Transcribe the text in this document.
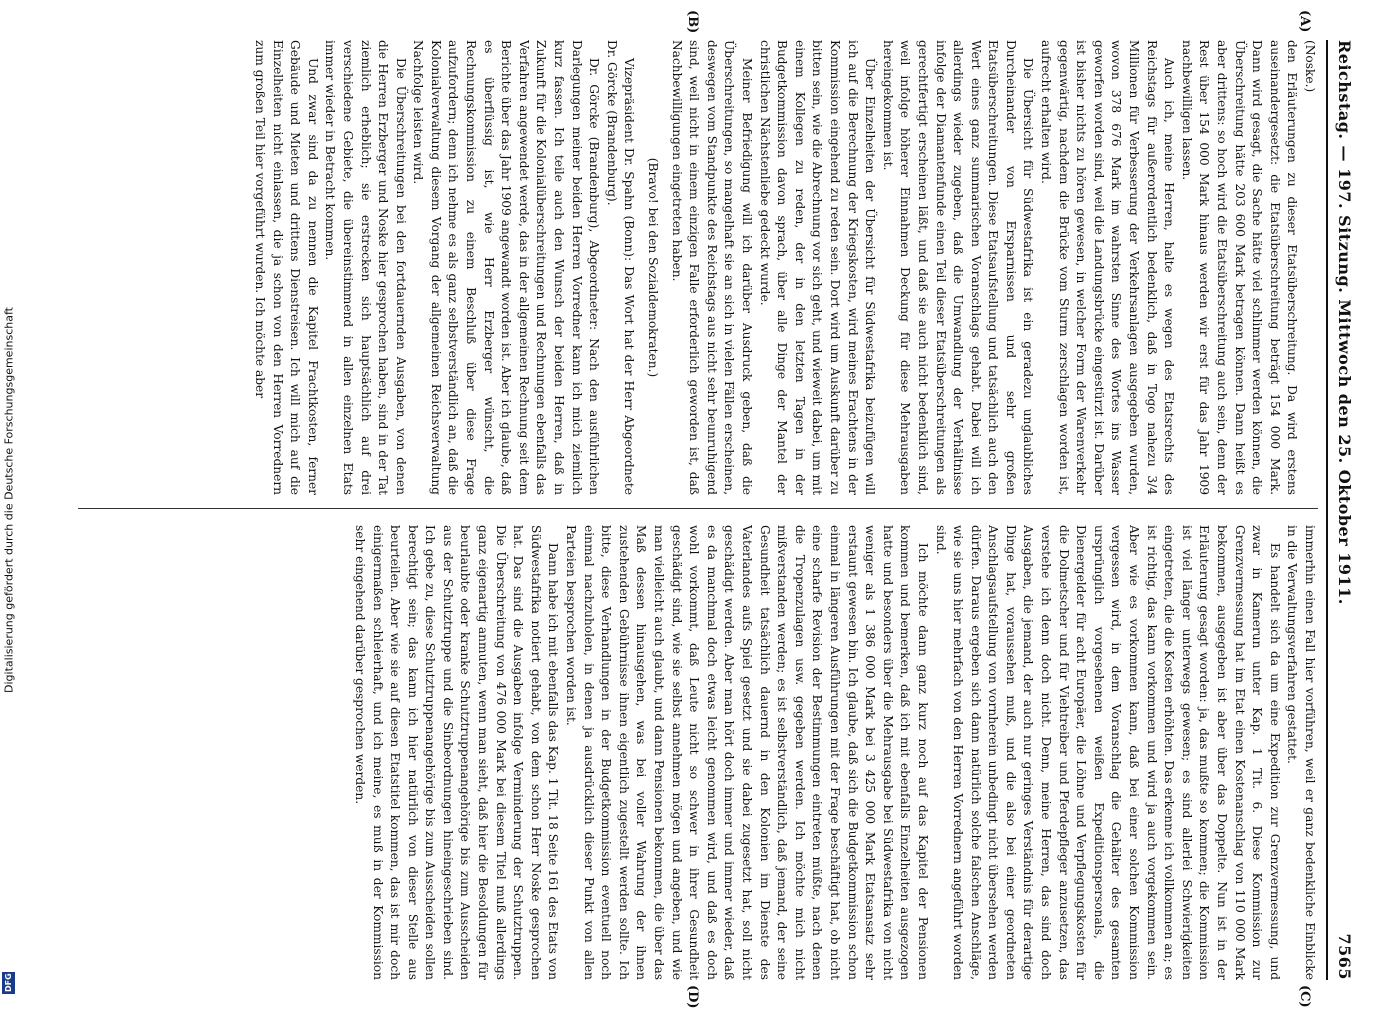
Digitalisierung gefördert durch die Deutsche Forschungsgemeinschaft
DFG
Reichstag. — 197. Sitzung. Mittwoch den 25. Oktober 1911.
7565

(Noske.)

den Erläuterungen zu dieser Etatsüberschreitung. Da wird erstens auseinandergesetzt: die Etatsüberschreitung beträgt 154 000 Mark. Dann wird gesagt, die Sache hätte viel schlimmer werden können, die Überschreitung hätte 203 600 Mark betragen können. Dann heißt es aber drittens: so hoch wird die Etatsüberschreitung auch sein, denn der Rest über 154 000 Mark hinaus werden wir erst für das Jahr 1909 nachbewilligen lassen.

Auch ich, meine Herren, halte es wegen des Etatsrechts des Reichstags für außerordentlich bedenklich, daß in Togo nahezu 3/4 Millionen für Verbesserung der Verkehrsanlagen ausgegeben wurden, wovon 378 676 Mark im wahrsten Sinne des Wortes ins Wasser geworfen worden sind, weil die Landungsbrücke eingestürzt ist. Darüber ist bisher nichts zu hören gewesen, in welcher Form der Warenverkehr gegenwärtig, nachdem die Brücke vom Sturm zerschlagen worden ist, aufrecht erhalten wird.

Die Übersicht für Südwestafrika ist ein geradezu unglaubliches Durcheinander von Ersparnissen und sehr großen Etatsüberschreitungen. Diese Etatsaufstellung und tatsächlich auch den Wert eines ganz summarischen Voranschlags gehabt. Dabei will ich allerdings wieder zugeben, daß die Umwandlung der Verhältnisse infolge der Diamantenfunde einen Teil dieser Etatsüberschreitungen als gerechtfertigt erscheinen läßt, und daß sie auch nicht bedenklich sind, weil infolge höherer Einnahmen Deckung für diese Mehrausgaben hereingekommen ist.

Über Einzelheiten der Übersicht für Südwestafrika beizufügen will ich auf die Berechnung der Kriegskosten, wird meines Erachtens in der Kommission eingehend zu reden sein. Dort wird um Auskunft darüber zu bitten sein, wie die Abrechnung vor sich geht, und wieweit dabei, um mit einem Kollegen zu reden, der in den letzten Tagen in der Budgetkommission davon sprach, über alle Dinge der Mantel der christlichen Nächstenliebe gedeckt wurde.

Meiner Befriedigung will ich darüber Ausdruck geben, daß die Überschreitungen, so mangelhaft sie an sich in vielen Fällen erscheinen, deswegen vom Standpunkte des Reichstags aus nicht sehr beunruhigend sind, weil nicht in einem einzigen Falle erforderlich geworden ist, daß Nachbewilligungen eingetreten haben.

(Bravo! bei den Sozialdemokraten.)

Vizepräsident Dr. Spahn (Bonn): Das Wort hat der Herr Abgeordnete Dr. Görcke (Brandenburg).

Dr. Görcke (Brandenburg), Abgeordneter: Nach den ausführlichen Darlegungen meiner beiden Herren Vorredner kann ich mich ziemlich kurz fassen. Ich teile auch den Wunsch der beiden Herren, daß in Zukunft für die Kolonialüberschreitungen und Rechnungen ebenfalls das Verfahren angewendet werde, das in der allgemeinen Rechnung seit dem Berichte über das Jahr 1909 angewandt worden ist. Aber ich glaube, daß es überflüssig ist, wie Herr Erzberger wünscht, die Rechnungskommission zu einem Beschluß über diese Frage aufzufordern; denn ich nehme es als ganz selbstverständlich an, daß die Kolonialverwaltung diesem Vorgang der allgemeinen Reichsverwaltung Nachfolge leisten wird.

Die Überschreitungen bei den fortdauernden Ausgaben, von denen die Herren Erzberger und Noske hier gesprochen haben, sind in der Tat ziemlich erheblich; sie erstrecken sich hauptsächlich auf drei verschiedene Gebiete, die übereinstimmend in allen einzelnen Etats immer wieder in Betracht kommen.

Und zwar sind da zu nennen die Kapitel Frachtkosten, ferner Gebäude und Mieten und drittens Dienstreisen. Ich will mich auf die Einzelheiten nicht einlassen, die ja schon von den Herren Vorrednern zum großen Teil hier vorgeführt wurden. Ich möchte aber

immerhin einen Fall hier vorführen, weil er ganz bedenkliche Einblicke in die Verwaltungsverfahren gestattet.

Es handelt sich da um eine Expedition zur Grenzvermessung, und zwar in Kamerun unter Kap. 1 Tit. 6. Diese Kommission zur Grenzvermessung hat im Etat einen Kostenanschlag von 110 000 Mark bekommen, ausgegeben ist aber über das Doppelte. Nun ist in der Erläuterung gesagt worden: ja, das mußte so kommen; die Kommission ist viel länger unterwegs gewesen; es sind allerlei Schwierigkeiten eingetreten, die die Kosten erhöhten. Das erkenne ich vollkommen an; es ist richtig, das kann vorkommen und wird ja auch vorgekommen sein. Aber wie es vorkommen kann, daß bei einer solchen Kommission vergessen wird, in dem Voranschlag die Gehälter des gesamten ursprünglich vorgesehenen weißen Expeditionspersonals, die Dienergelder für acht Europäer, die Löhne und Verpflegungskosten für die Dolmetscher und für Viehtreiber und Pferdepfleger anzusetzen, das verstehe ich denn doch nicht. Denn, meine Herren, das sind doch Ausgaben, die jemand, der auch nur geringes Verständnis für derartige Dinge hat, voraussehen muß, und die also bei einer geordneten Anschlagsaufstellung von vornherein unbedingt nicht übersehen werden dürfen. Daraus ergeben sich dann natürlich solche falschen Anschläge, wie sie uns hier mehrfach von den Herren Vorrednern angeführt worden sind.

Ich möchte dann ganz kurz noch auf das Kapitel der Pensionen kommen und bemerken, daß ich mit ebenfalls Einzelheiten ausgezogen hatte und besonders über die Mehrausgabe bei Südwestafrika von nicht weniger als 1 386 000 Mark bei 3 425 000 Mark Etatsansatz sehr erstaunt gewesen bin. Ich glaube, daß sich die Budgetkommission schon einmal in längeren Ausführungen mit der Frage beschäftigt hat, ob nicht eine scharfe Revision der Bestimmungen eintreten müßte, nach denen die Tropenzulagen usw. gegeben werden. Ich möchte mich nicht mißverstanden werden; es ist selbstverständlich, daß jemand, der seine Gesundheit tatsächlich dauernd in den Kolonien im Dienste des Vaterlandes aufs Spiel gesetzt und sie dabei zugesetzt hat, soll nicht geschädigt werden. Aber man hört doch immer und immer wieder, daß es da manchmal doch etwas leicht genommen wird, und daß es doch wohl vorkommt, daß Leute nicht so schwer in ihrer Gesundheit geschädigt sind, wie sie selbst annehmen mögen und angeben, und wie man vielleicht auch glaubt, und dann Pensionen bekommen, die über das Maß dessen hinausgehen, was bei voller Wahrung der ihnen zustehenden Gebührnisse ihnen eigentlich zugestellt werden sollte. Ich bitte, diese Verhandlungen in der Budgetkommission eventuell noch einmal nachzuholen, in denen ja ausdrücklich dieser Punkt von allen Parteien besprochen worden ist.

Dann habe ich mit ebenfalls das Kap. 1 Tit. 18 Seite 161 des Etats von Südwestafrika notiert gehabt, von dem schon Herr Noske gesprochen hat. Das sind die Ausgaben infolge Verminderung der Schutztruppen. Die Überschreitung von 476 000 Mark bei diesem Titel muß allerdings ganz eigenartig anmuten, wenn man sieht, daß hier die Besoldungen für beurlaubte oder kranke Schutztruppenangehörige bis zum Ausscheiden aus der Schutztruppe und die Sinbeordnungen hineingeschrieben sind. Ich gebe zu, diese Schutztruppenangehörige bis zum Ausscheiden sollen berechtigt sein; das kann ich hier natürlich von dieser Stelle aus beurteilen. Aber wie sie auf diesen Etatstitel kommen, das ist mir doch einigermaßen schleierhaft, und ich meine, es muß in der Kommission sehr eingehend darüber gesprochen werden.

(A)
(B)
(C)
(D)
